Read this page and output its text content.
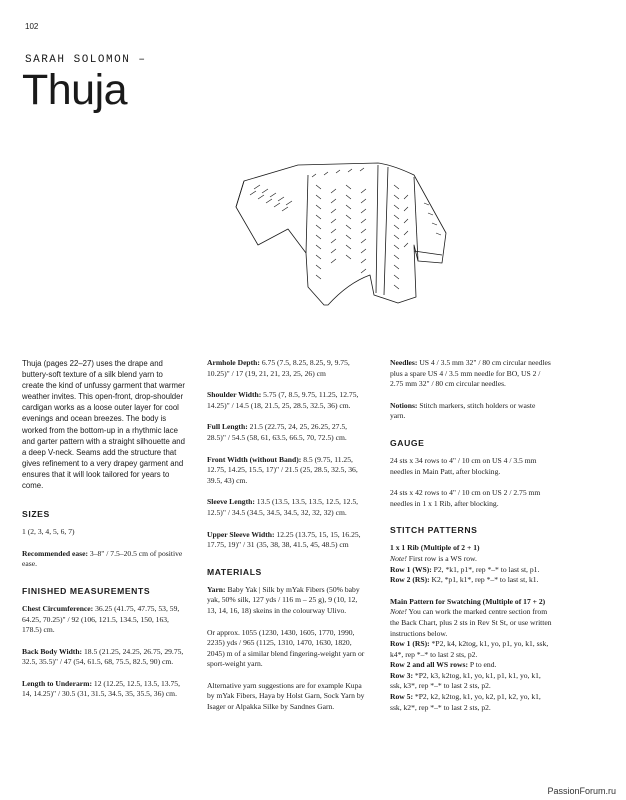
102
SARAH SOLOMON –
Thuja

Thuja (pages 22–27) uses the drape and buttery-soft texture of a silk blend yarn to create the kind of unfussy garment that warmer weather invites. This open-front, drop-shoulder cardigan works as a loose outer layer for cool evenings and ocean breezes. The body is worked from the bottom-up in a rhythmic lace and garter pattern with a straight silhouette and a deep V-neck. Seams add the structure that gives refinement to a very drapey garment and ensures that it will look tailored for years to come.

SIZES

1 (2, 3, 4, 5, 6, 7)

Recommended ease: 3–8" / 7.5–20.5 cm of positive ease.

FINISHED MEASUREMENTS

Chest Circumference: 36.25 (41.75, 47.75, 53, 59, 64.25, 70.25)" / 92 (106, 121.5, 134.5, 150, 163, 178.5) cm.

Back Body Width: 18.5 (21.25, 24.25, 26.75, 29.75, 32.5, 35.5)" / 47 (54, 61.5, 68, 75.5, 82.5, 90) cm.

Length to Underarm: 12 (12.25, 12.5, 13.5, 13.75, 14, 14.25)" / 30.5 (31, 31.5, 34.5, 35, 35.5, 36) cm.

Armhole Depth: 6.75 (7.5, 8.25, 8.25, 9, 9.75, 10.25)" / 17 (19, 21, 21, 23, 25, 26) cm

Shoulder Width: 5.75 (7, 8.5, 9.75, 11.25, 12.75, 14.25)" / 14.5 (18, 21.5, 25, 28.5, 32.5, 36) cm.

Full Length: 21.5 (22.75, 24, 25, 26.25, 27.5, 28.5)" / 54.5 (58, 61, 63.5, 66.5, 70, 72.5) cm.

Front Width (without Band): 8.5 (9.75, 11.25, 12.75, 14.25, 15.5, 17)" / 21.5 (25, 28.5, 32.5, 36, 39.5, 43) cm.

Sleeve Length: 13.5 (13.5, 13.5, 13.5, 12.5, 12.5, 12.5)" / 34.5 (34.5, 34.5, 34.5, 32, 32, 32) cm.

Upper Sleeve Width: 12.25 (13.75, 15, 15, 16.25, 17.75, 19)" / 31 (35, 38, 38, 41.5, 45, 48.5) cm

MATERIALS

Yarn: Baby Yak | Silk by mYak Fibers (50% baby yak, 50% silk, 127 yds / 116 m – 25 g), 9 (10, 12, 13, 14, 16, 18) skeins in the colourway Ulivo.

Or approx. 1055 (1230, 1430, 1605, 1770, 1990, 2235) yds / 965 (1125, 1310, 1470, 1630, 1820, 2045) m of a similar blend fingering-weight yarn or sport-weight yarn.

Alternative yarn suggestions are for example Kupa by mYak Fibers, Haya by Holst Garn, Sock Yarn by Isager or Alpakka Silke by Sandnes Garn.

Needles: US 4 / 3.5 mm 32" / 80 cm circular needles plus a spare US 4 / 3.5 mm needle for BO, US 2 / 2.75 mm 32" / 80 cm circular needles.

Notions: Stitch markers, stitch holders or waste yarn.

GAUGE

24 sts x 34 rows to 4" / 10 cm on US 4 / 3.5 mm needles in Main Patt, after blocking.

24 sts x 42 rows to 4" / 10 cm on US 2 / 2.75 mm needles in 1 x 1 Rib, after blocking.

STITCH PATTERNS
1 x 1 Rib (Multiple of 2 + 1)
Note! First row is a WS row.
Row 1 (WS): P2, *k1, p1*, rep *–* to last st, p1.
Row 2 (RS): K2, *p1, k1*, rep *–* to last st, k1.
Main Pattern for Swatching (Multiple of 17 + 2)
Note! You can work the marked centre section from the Back Chart, plus 2 sts in Rev St St, or use written instructions below.
Row 1 (RS): *P2, k4, k2tog, k1, yo, p1, yo, k1, ssk, k4*, rep *–* to last 2 sts, p2.
Row 2 and all WS rows: P to end.
Row 3: *P2, k3, k2tog, k1, yo, k1, p1, k1, yo, k1, ssk, k3*, rep *–* to last 2 sts, p2.
Row 5: *P2, k2, k2tog, k1, yo, k2, p1, k2, yo, k1, ssk, k2*, rep *–* to last 2 sts, p2.
PassionForum.ru
